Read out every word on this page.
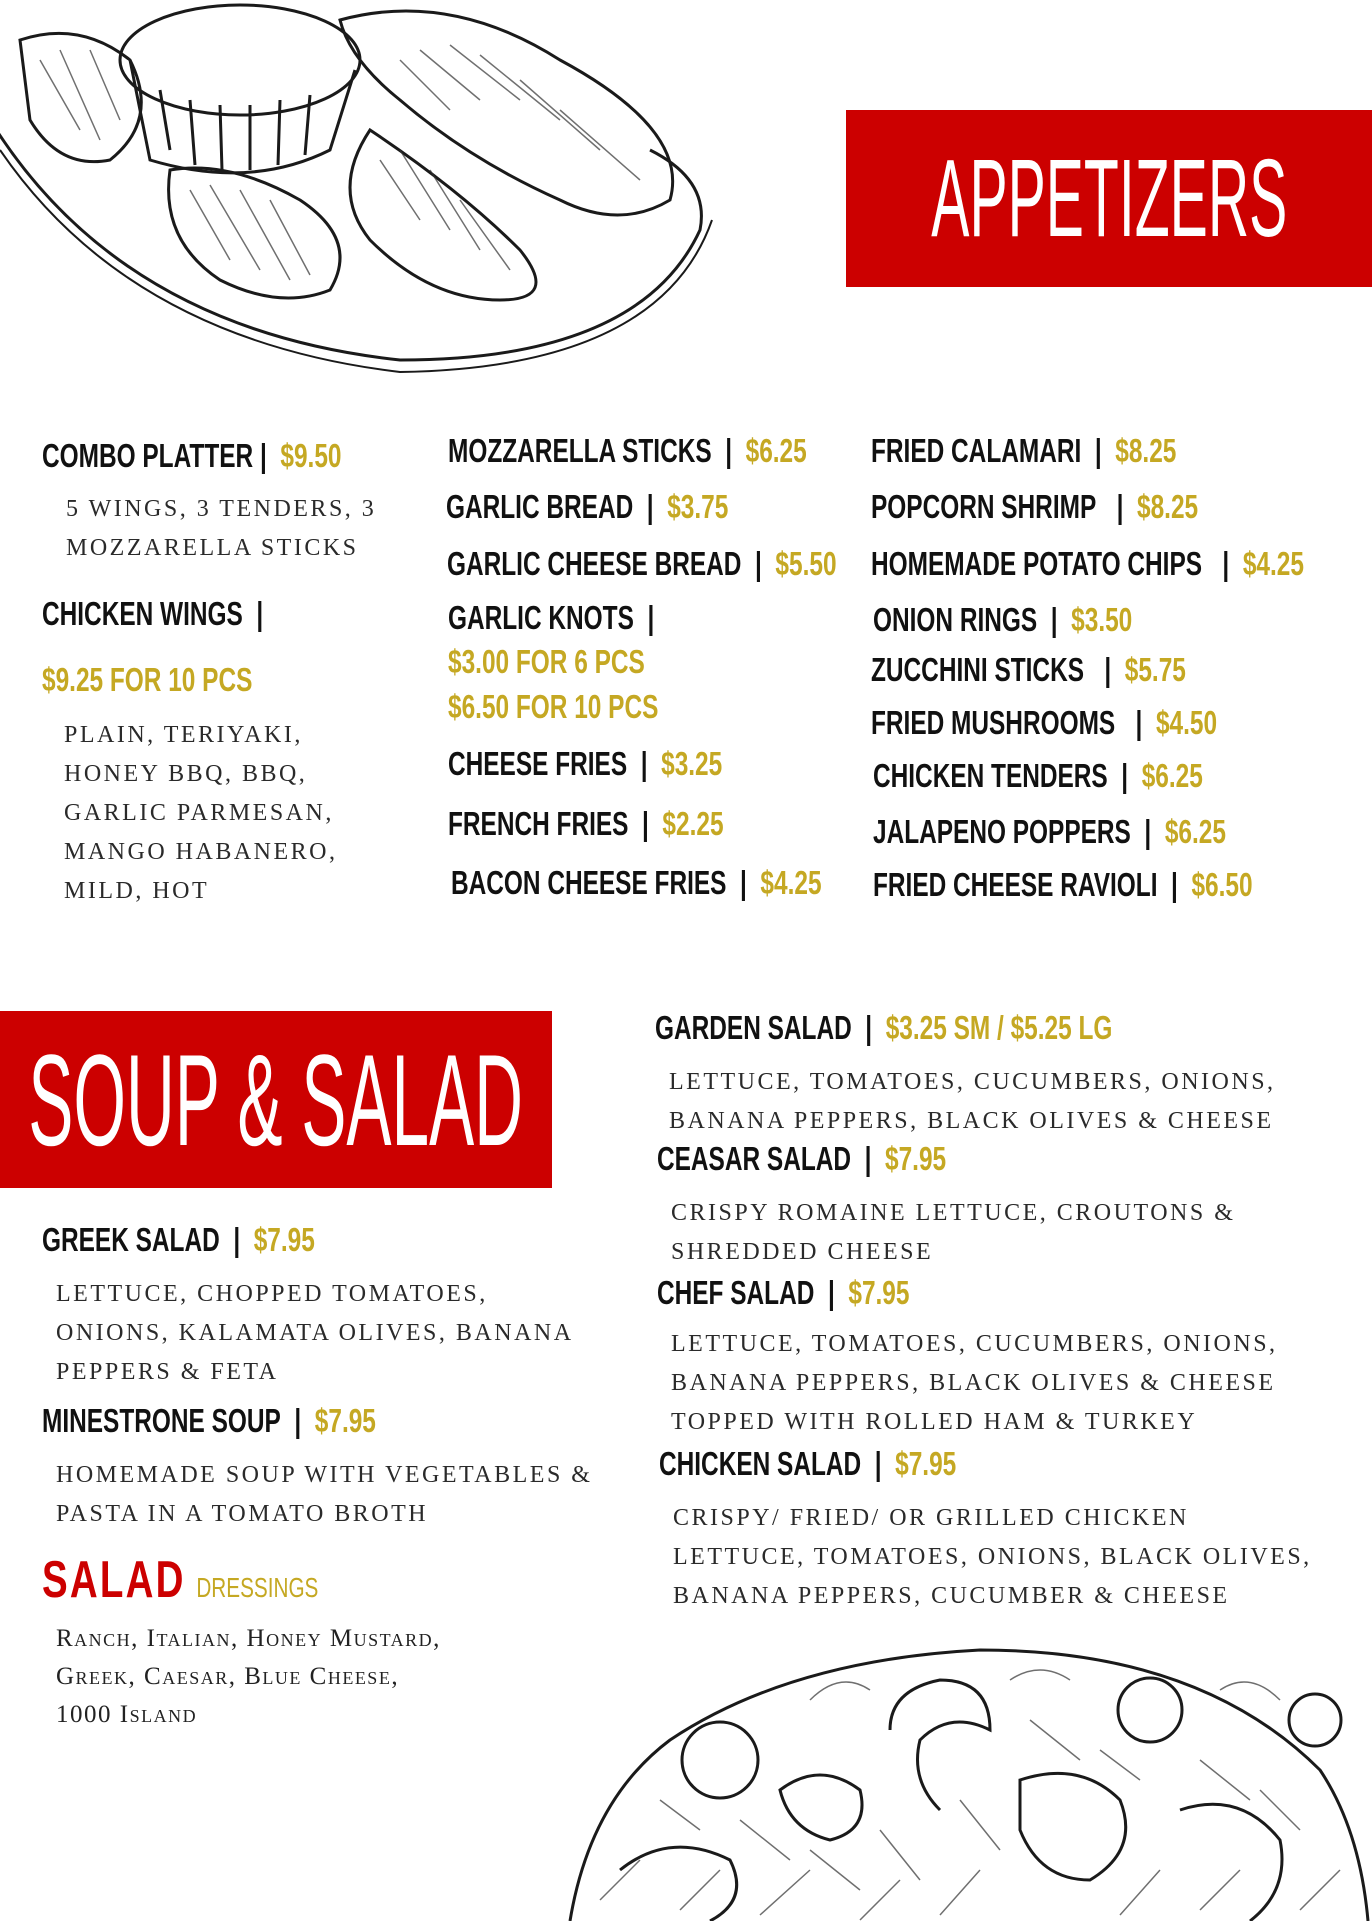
APPETIZERS
COMBO PLATTER | $9.50
5 WINGS, 3 TENDERS, 3
MOZZARELLA STICKS
CHICKEN WINGS |
$9.25 FOR 10 PCS
PLAIN, TERIYAKI,
HONEY BBQ, BBQ,
GARLIC PARMESAN,
MANGO HABANERO,
MILD, HOT
MOZZARELLA STICKS | $6.25
GARLIC BREAD | $3.75
GARLIC CHEESE BREAD | $5.50
GARLIC KNOTS |
$3.00 FOR 6 PCS
$6.50 FOR 10 PCS
CHEESE FRIES | $3.25
FRENCH FRIES | $2.25
BACON CHEESE FRIES | $4.25
FRIED CALAMARI | $8.25
POPCORN SHRIMP | $8.25
HOMEMADE POTATO CHIPS | $4.25
ONION RINGS | $3.50
ZUCCHINI STICKS | $5.75
FRIED MUSHROOMS | $4.50
CHICKEN TENDERS | $6.25
JALAPENO POPPERS | $6.25
FRIED CHEESE RAVIOLI | $6.50
SOUP & SALAD
GREEK SALAD | $7.95
LETTUCE, CHOPPED TOMATOES,
ONIONS, KALAMATA OLIVES, BANANA
PEPPERS & FETA
MINESTRONE SOUP | $7.95
HOMEMADE SOUP WITH VEGETABLES &
PASTA IN A TOMATO BROTH
SALAD DRESSINGS
Ranch, Italian, Honey Mustard,
Greek, Caesar, Blue Cheese,
1000 Island
GARDEN SALAD | $3.25 SM / $5.25 LG
LETTUCE, TOMATOES, CUCUMBERS, ONIONS,
BANANA PEPPERS, BLACK OLIVES & CHEESE
CEASAR SALAD | $7.95
CRISPY ROMAINE LETTUCE, CROUTONS &
SHREDDED CHEESE
CHEF SALAD | $7.95
LETTUCE, TOMATOES, CUCUMBERS, ONIONS,
BANANA PEPPERS, BLACK OLIVES & CHEESE
TOPPED WITH ROLLED HAM & TURKEY
CHICKEN SALAD | $7.95
CRISPY/ FRIED/ OR GRILLED CHICKEN
LETTUCE, TOMATOES, ONIONS, BLACK OLIVES,
BANANA PEPPERS, CUCUMBER & CHEESE
